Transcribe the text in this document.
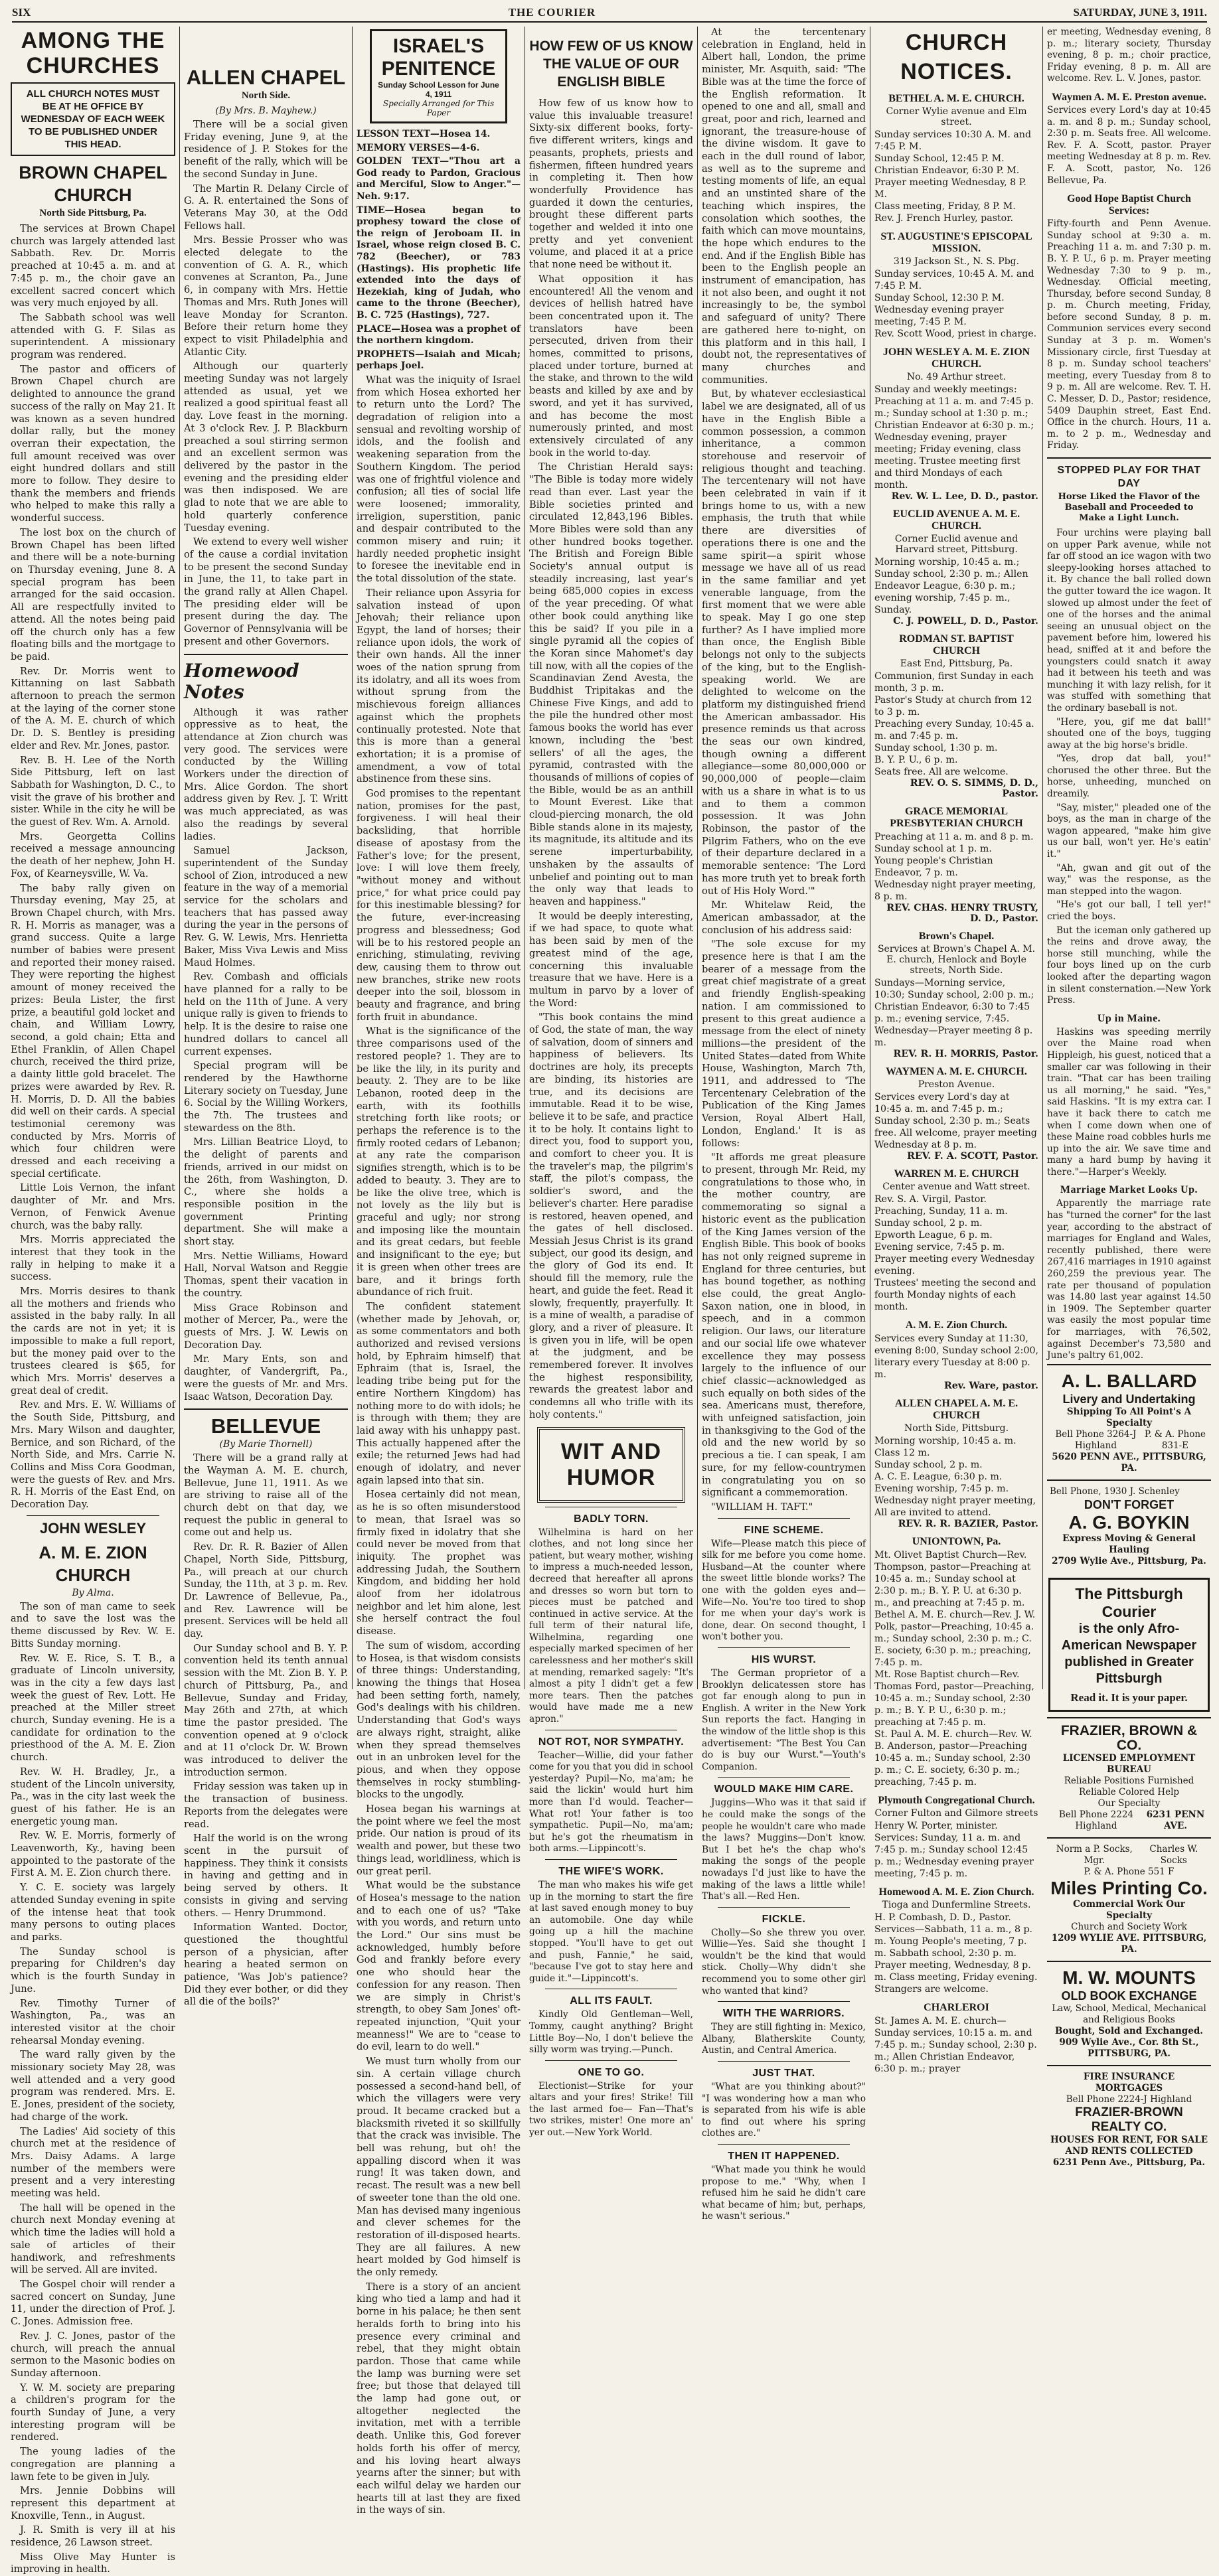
SIX	THE COURIER	SATURDAY, JUNE 3, 1911.
AMONG THE CHURCHES
ALL CHURCH NOTES MUST BE AT HE OFFICE BY WEDNESDAY OF EACH WEEK TO BE PUBLISHED UNDER THIS HEAD.
BROWN CHAPEL CHURCH
North Side Pittsburg, Pa.

The services at Brown Chapel church was largely attended last Sabbath. Rev. Dr. Morris preached at 10:45 a. m. and at 7:45 p. m., the choir gave an excellent sacred concert which was very much enjoyed by all.

The Sabbath school was well attended with G. F. Silas as superintendent. A missionary program was rendered.

The pastor and officers of Brown Chapel church are delighted to announce the grand success of the rally on May 21. It was known as a seven hundred dollar rally, but the money overran their expectation, the full amount received was over eight hundred dollars and still more to follow. They desire to thank the members and friends who helped to make this rally a wonderful success.

The lost box on the church of Brown Chapel has been lifted and there will be a note-burning on Thursday evening, June 8. A special program has been arranged for the said occasion. All are respectfully invited to attend. All the notes being paid off the church only has a few floating bills and the mortgage to be paid.

Rev. Dr. Morris went to Kittanning on last Sabbath afternoon to preach the sermon at the laying of the corner stone of the A. M. E. church of which Dr. D. S. Bentley is presiding elder and Rev. Mr. Jones, pastor.

Rev. B. H. Lee of the North Side Pittsburg, left on last Sabbath for Washington, D. C., to visit the grave of his brother and sister. While in the city he will be the guest of Rev. Wm. A. Arnold.

Mrs. Georgetta Collins received a message announcing the death of her nephew, John H. Fox, of Kearneysville, W. Va.

The baby rally given on Thursday evening, May 25, at Brown Chapel church, with Mrs. R. H. Morris as manager, was a grand success. Quite a large number of babies were present and reported their money raised. They were reporting the highest amount of money received the prizes: Beula Lister, the first prize, a beautiful gold locket and chain, and William Lowry, second, a gold chain; Etta and Ethel Franklin, of Allen Chapel church, received the third prize, a dainty little gold bracelet. The prizes were awarded by Rev. R. H. Morris, D. D. All the babies did well on their cards. A special testimonial ceremony was conducted by Mrs. Morris of which four children were dressed and each receiving a special certificate.

Little Lois Vernon, the infant daughter of Mr. and Mrs. Vernon, of Fenwick Avenue church, was the baby rally.

Mrs. Morris appreciated the interest that they took in the rally in helping to make it a success.

Mrs. Morris desires to thank all the mothers and friends who assisted in the baby rally. In all the cards are not in yet; it is impossible to make a full report, but the money paid over to the trustees cleared is $65, for which Mrs. Morris' deserves a great deal of credit.

Rev. and Mrs. E. W. Williams of the South Side, Pittsburg, and Mrs. Mary Wilson and daughter, Bernice, and son Richard, of the North Side, and Mrs. Carrie N. Collins and Miss Cora Goodman, were the guests of Rev. and Mrs. R. H. Morris of the East End, on Decoration Day.

JOHN WESLEY
A. M. E. ZION CHURCH
By Alma.

The son of man came to seek and to save the lost was the theme discussed by Rev. W. E. Bitts Sunday morning.

Rev. W. E. Rice, S. T. B., a graduate of Lincoln university, was in the city a few days last week the guest of Rev. Lott. He preached at the Miller street church, Sunday evening. He is a candidate for ordination to the priesthood of the A. M. E. Zion church.

Rev. W. H. Bradley, Jr., a student of the Lincoln university, Pa., was in the city last week the guest of his father. He is an energetic young man.

Rev. W. E. Morris, formerly of Leavenworth, Ky., having been appointed to the pastorate of the First A. M. E. Zion church there.

Y. C. E. society was largely attended Sunday evening in spite of the intense heat that took many persons to outing places and parks.

The Sunday school is preparing for Children's day which is the fourth Sunday in June.

Rev. Timothy Turner of Washington, Pa., was an interested visitor at the choir rehearsal Monday evening.

The ward rally given by the missionary society May 28, was well attended and a very good program was rendered. Mrs. E. E. Jones, president of the society, had charge of the work.

The Ladies' Aid society of this church met at the residence of Mrs. Daisy Adams. A large number of the members were present and a very interesting meeting was held.

The hall will be opened in the church next Monday evening at which time the ladies will hold a sale of articles of their handiwork, and refreshments will be served. All are invited.

The Gospel choir will render a sacred concert on Sunday, June 11, under the direction of Prof. J. C. Jones. Admission free.

Rev. J. C. Jones, pastor of the church, will preach the annual sermon to the Masonic bodies on Sunday afternoon.

Y. W. M. society are preparing a children's program for the fourth Sunday of June, a very interesting program will be rendered.

The young ladies of the congregation are planning a lawn fete to be given in July.

Mrs. Jennie Dobbins will represent this department at Knoxville, Tenn., in August.

J. R. Smith is very ill at his residence, 26 Lawson street.

Miss Olive May Hunter is improving in health.

ALLEN CHAPEL
North Side.
(By Mrs. B. Mayhew.)

There will be a social given Friday evening, June 9, at the residence of J. P. Stokes for the benefit of the rally, which will be the second Sunday in June.

The Martin R. Delany Circle of G. A. R. entertained the Sons of Veterans May 30, at the Odd Fellows hall.

Mrs. Bessie Prosser who was elected delegate to the convention of G. A. R., which convenes at Scranton, Pa., June 6, in company with Mrs. Hettie Thomas and Mrs. Ruth Jones will leave Monday for Scranton. Before their return home they expect to visit Philadelphia and Atlantic City.

Although our quarterly meeting Sunday was not largely attended as usual, yet we realized a good spiritual feast all day. Love feast in the morning. At 3 o'clock Rev. J. P. Blackburn preached a soul stirring sermon and an excellent sermon was delivered by the pastor in the evening and the presiding elder was then indisposed. We are glad to note that we are able to hold quarterly conference Tuesday evening.

We extend to every well wisher of the cause a cordial invitation to be present the second Sunday in June, the 11, to take part in the grand rally at Allen Chapel. The presiding elder will be present during the day. The Governor of Pennsylvania will be present and other Governors.

Homewood Notes

Although it was rather oppressive as to heat, the attendance at Zion church was very good. The services were conducted by the Willing Workers under the direction of Mrs. Alice Gordon. The short address given by Rev. J. T. Writt was much appreciated, as was also the readings by several ladies.

Samuel Jackson, superintendent of the Sunday school of Zion, introduced a new feature in the way of a memorial service for the scholars and teachers that has passed away during the year in the persons of Rev. G. W. Lewis, Mrs. Henrietta Baker, Miss Viva Lewis and Miss Maud Holmes.

Rev. Combash and officials have planned for a rally to be held on the 11th of June. A very unique rally is given to friends to help. It is the desire to raise one hundred dollars to cancel all current expenses.

Special program will be rendered by the Hawthorne Literary society on Tuesday, June 6. Social by the Willing Workers, the 7th. The trustees and stewardess on the 8th.

Mrs. Lillian Beatrice Lloyd, to the delight of parents and friends, arrived in our midst on the 26th, from Washington, D. C., where she holds a responsible position in the government Printing department. She will make a short stay.

Mrs. Nettie Williams, Howard Hall, Norval Watson and Reggie Thomas, spent their vacation in the country.

Miss Grace Robinson and mother of Mercer, Pa., were the guests of Mrs. J. W. Lewis on Decoration Day.

Mr. Mary Ents, son and daughter, of Vandergrift, Pa., were the guests of Mr. and Mrs. Isaac Watson, Decoration Day.

BELLEVUE
(By Marie Thornell)

There will be a grand rally at the Wayman A. M. E. church, Bellevue, June 11, 1911. As we are striving to raise all of the church debt on that day, we request the public in general to come out and help us.

Rev. Dr. R. R. Bazier of Allen Chapel, North Side, Pittsburg, Pa., will preach at our church Sunday, the 11th, at 3 p. m. Rev. Dr. Lawrence of Bellevue, Pa., and Rev. Lawrence will be present. Services will be held all day.

Our Sunday school and B. Y. P. convention held its tenth annual session with the Mt. Zion B. Y. P. church of Pittsburg, Pa., and Bellevue, Sunday and Friday, May 26th and 27th, at which time the pastor presided. The convention opened at 9 o'clock and at 11 o'clock Dr. W. Brown was introduced to deliver the introduction sermon.

Friday session was taken up in the transaction of business. Reports from the delegates were read.

Half the world is on the wrong scent in the pursuit of happiness. They think it consists in having and getting and in being served by others. It consists in giving and serving others. — Henry Drummond.

Information Wanted. Doctor, questioned the thoughtful person of a physician, after hearing a heated sermon on patience, 'Was Job's patience? Did they ever bother, or did they all die of the boils?'

ISRAEL'S
PENITENCE
Sunday School Lesson for June 4, 1911
Specially Arranged for This Paper

LESSON TEXT—Hosea 14.

MEMORY VERSES—4-6.

GOLDEN TEXT—"Thou art a God ready to Pardon, Gracious and Merciful, Slow to Anger."—Neh. 9:17.

TIME—Hosea began to prophesy toward the close of the reign of Jeroboam II. in Israel, whose reign closed B. C. 782 (Beecher), or 783 (Hastings). His prophetic life extended into the days of Hezekiah, king of Judah, who came to the throne (Beecher), B. C. 725 (Hastings), 727.

PLACE—Hosea was a prophet of the northern kingdom.

PROPHETS—Isaiah and Micah; perhaps Joel.

What was the iniquity of Israel from which Hosea exhorted her to return unto the Lord? The degradation of religion into a sensual and revolting worship of idols, and the foolish and weakening separation from the Southern Kingdom. The period was one of frightful violence and confusion; all ties of social life were loosened; immorality, irreligion, superstition, panic and despair contributed to the common misery and ruin; it hardly needed prophetic insight to foresee the inevitable end in the total dissolution of the state.

Their reliance upon Assyria for salvation instead of upon Jehovah; their reliance upon Egypt, the land of horses; their reliance upon idols, the work of their own hands. All the inner woes of the nation sprung from its idolatry, and all its woes from without sprung from the mischievous foreign alliances against which the prophets continually protested. Note that this is more than a general exhortation; it is a promise of amendment, a vow of total abstinence from these sins.

God promises to the repentant nation, promises for the past, forgiveness. I will heal their backsliding, that horrible disease of apostasy from the Father's love; for the present, love: I will love them freely, "without money and without price," for what price could pay for this inestimable blessing? for the future, ever-increasing progress and blessedness; God will be to his restored people an enriching, stimulating, reviving dew, causing them to throw out new branches, strike new roots deeper into the soil, blossom in beauty and fragrance, and bring forth fruit in abundance.

What is the significance of the three comparisons used of the restored people? 1. They are to be like the lily, in its purity and beauty. 2. They are to be like Lebanon, rooted deep in the earth, with its foothills stretching forth like roots; or perhaps the reference is to the firmly rooted cedars of Lebanon; at any rate the comparison signifies strength, which is to be added to beauty. 3. They are to be like the olive tree, which is not lovely as the lily but is graceful and ugly; nor strong and imposing like the mountain and its great cedars, but feeble and insignificant to the eye; but it is green when other trees are bare, and it brings forth abundance of rich fruit.

The confident statement (whether made by Jehovah, or, as some commentators and both authorized and revised versions hold, by Ephraim himself) that Ephraim (that is, Israel, the leading tribe being put for the entire Northern Kingdom) has nothing more to do with idols; he is through with them; they are laid away with his unhappy past. This actually happened after the exile; the returned Jews had had enough of idolatry, and never again lapsed into that sin.

Hosea certainly did not mean, as he is so often misunderstood to mean, that Israel was so firmly fixed in idolatry that she could never be moved from that iniquity. The prophet was addressing Judah, the Southern Kingdom, and bidding her hold aloof from her idolatrous neighbor and let him alone, lest she herself contract the foul disease.

The sum of wisdom, according to Hosea, is that wisdom consists of three things: Understanding, knowing the things that Hosea had been setting forth, namely, God's dealings with his children. Understanding that God's ways are always right, straight, alike when they spread themselves out in an unbroken level for the pious, and when they oppose themselves in rocky stumbling-blocks to the ungodly.

Hosea began his warnings at the point where we feel the most pride. Our nation is proud of its wealth and power, but these two things lead, worldliness, which is our great peril.

What would be the substance of Hosea's message to the nation and to each one of us? "Take with you words, and return unto the Lord." Our sins must be acknowledged, humbly before God and frankly before every one who should hear the confession for any reason. Then we are simply in Christ's strength, to obey Sam Jones' oft-repeated injunction, "Quit your meanness!" We are to "cease to do evil, learn to do well."

We must turn wholly from our sin. A certain village church possessed a second-hand bell, of which the villagers were very proud. It became cracked but a blacksmith riveted it so skillfully that the crack was invisible. The bell was rehung, but oh! the appalling discord when it was rung! It was taken down, and recast. The result was a new bell of sweeter tone than the old one. Man has devised many ingenious and clever schemes for the restoration of ill-disposed hearts. They are all failures. A new heart molded by God himself is the only remedy.

There is a story of an ancient king who tied a lamp and had it borne in his palace; he then sent heralds forth to bring into his presence every criminal and rebel, that they might obtain pardon. Those that came while the lamp was burning were set free; but those that delayed till the lamp had gone out, or altogether neglected the invitation, met with a terrible death. Unlike this, God forever holds forth his offer of mercy, and his loving heart always yearns after the sinner; but with each wilful delay we harden our hearts till at last they are fixed in the ways of sin.

HOW FEW OF US KNOW THE VALUE OF OUR ENGLISH BIBLE

How few of us know how to value this invaluable treasure! Sixty-six different books, forty-five different writers, kings and peasants, prophets, priests and fishermen, fifteen hundred years in completing it. Then how wonderfully Providence has guarded it down the centuries, brought these different parts together and welded it into one pretty and yet convenient volume, and placed it at a price that none need be without it.

What opposition it has encountered! All the venom and devices of hellish hatred have been concentrated upon it. The translators have been persecuted, driven from their homes, committed to prisons, placed under torture, burned at the stake, and thrown to the wild beasts and killed by axe and by sword, and yet it has survived, and has become the most numerously printed, and most extensively circulated of any book in the world to-day.

The Christian Herald says: "The Bible is today more widely read than ever. Last year the Bible societies printed and circulated 12,843,196 Bibles. More Bibles were sold than any other hundred books together. The British and Foreign Bible Society's annual output is steadily increasing, last year's being 685,000 copies in excess of the year preceding. Of what other book could anything like this be said? If you pile in a single pyramid all the copies of the Koran since Mahomet's day till now, with all the copies of the Scandinavian Zend Avesta, the Buddhist Tripitakas and the Chinese Five Kings, and add to the pile the hundred other most famous books the world has ever known, including the 'best sellers' of all the ages, the pyramid, contrasted with the thousands of millions of copies of the Bible, would be as an anthill to Mount Everest. Like that cloud-piercing monarch, the old Bible stands alone in its majesty, its magnitude, its altitude and its serene imperturbability, unshaken by the assaults of unbelief and pointing out to man the only way that leads to heaven and happiness."

It would be deeply interesting, if we had space, to quote what has been said by men of the greatest mind of the age, concerning this invaluable treasure that we have. Here is a multum in parvo by a lover of the Word:

"This book contains the mind of God, the state of man, the way of salvation, doom of sinners and happiness of believers. Its doctrines are holy, its precepts are binding, its histories are true, and its decisions are immutable. Read it to be wise, believe it to be safe, and practice it to be holy. It contains light to direct you, food to support you, and comfort to cheer you. It is the traveler's map, the pilgrim's staff, the pilot's compass, the soldier's sword, and the believer's charter. Here paradise is restored, heaven opened, and the gates of hell disclosed. Messiah Jesus Christ is its grand subject, our good its design, and the glory of God its end. It should fill the memory, rule the heart, and guide the feet. Read it slowly, frequently, prayerfully. It is a mine of wealth, a paradise of glory, and a river of pleasure. It is given you in life, will be open at the judgment, and be remembered forever. It involves the highest responsibility, rewards the greatest labor and condemns all who trifle with its holy contents."

WIT AND HUMOR
BADLY TORN.

Wilhelmina is hard on her clothes, and not long since her patient, but weary mother, wishing to impress a much-needed lesson, decreed that hereafter all aprons and dresses so worn but torn to pieces must be patched and continued in active service. At the full term of their natural life, Wilhelmina, regarding one especially marked specimen of her carelessness and her mother's skill at mending, remarked sagely: "It's almost a pity I didn't get a few more tears. Then the patches would have made me a new apron."

NOT ROT, NOR SYMPATHY.

Teacher—Willie, did your father come for you that you did in school yesterday? Pupil—No, ma'am; he said the lickin' would hurt him more than I'd would. Teacher—What rot! Your father is too sympathetic. Pupil—No, ma'am; but he's got the rheumatism in both arms.—Lippincott's.

THE WIFE'S WORK.

The man who makes his wife get up in the morning to start the fire at last saved enough money to buy an automobile. One day while going up a hill the machine stopped. "You'll have to get out and push, Fannie," he said, "because I've got to stay here and guide it."—Lippincott's.

ALL ITS FAULT.

Kindly Old Gentleman—Well, Tommy, caught anything? Bright Little Boy—No, I don't believe the silly worm was trying.—Punch.

ONE TO GO.

Electionist—Strike for your altars and your fires! Strike! Till the last armed foe— Fan—That's two strikes, mister! One more an' yer out.—New York World.

At the tercentenary celebration in England, held in Albert hall, London, the prime minister, Mr. Asquith, said: "The Bible was at the time the force of the English reformation. It opened to one and all, small and great, poor and rich, learned and ignorant, the treasure-house of the divine wisdom. It gave to each in the dull round of labor, as well as to the supreme and testing moments of life, an equal and an unstinted share of the teaching which inspires, the consolation which soothes, the faith which can move mountains, the hope which endures to the end. And if the English Bible has been to the English people an instrument of emancipation, has it not also been, and ought it not increasingly to be, the symbol and safeguard of unity? There are gathered here to-night, on this platform and in this hall, I doubt not, the representatives of many churches and communities.

But, by whatever ecclesiastical label we are designated, all of us have in the English Bible a common possession, a common inheritance, a common storehouse and reservoir of religious thought and teaching. The tercentenary will not have been celebrated in vain if it brings home to us, with a new emphasis, the truth that while there are diversities of operations there is one and the same spirit—a spirit whose message we have all of us read in the same familiar and yet venerable language, from the first moment that we were able to speak. May I go one step further? As I have implied more than once, the English Bible belongs not only to the subjects of the king, but to the English-speaking world. We are delighted to welcome on the platform my distinguished friend the American ambassador. His presence reminds us that across the seas our own kindred, though owning a different allegiance—some 80,000,000 or 90,000,000 of people—claim with us a share in what is to us and to them a common possession. It was John Robinson, the pastor of the Pilgrim Fathers, who on the eve of their departure declared in a memorable sentence: 'The Lord has more truth yet to break forth out of His Holy Word.'"

Mr. Whitelaw Reid, the American ambassador, at the conclusion of his address said:

"The sole excuse for my presence here is that I am the bearer of a message from the great chief magistrate of a great and friendly English-speaking nation. I am commissioned to present to this great audience a message from the elect of ninety millions—the president of the United States—dated from White House, Washington, March 7th, 1911, and addressed to 'The Tercentenary Celebration of the Publication of the King James Version, Royal Albert Hall, London, England.' It is as follows:

"It affords me great pleasure to present, through Mr. Reid, my congratulations to those who, in the mother country, are commemorating so signal a historic event as the publication of the King James version of the English Bible. This book of books has not only reigned supreme in England for three centuries, but has bound together, as nothing else could, the great Anglo-Saxon nation, one in blood, in speech, and in a common religion. Our laws, our literature and our social life owe whatever excellence they may possess largely to the influence of our chief classic—acknowledged as such equally on both sides of the sea. Americans must, therefore, with unfeigned satisfaction, join in thanksgiving to the God of the old and the new world by so precious a tie. I can speak, I am sure, for my fellow-countrymen in congratulating you on so significant a commemoration.

"WILLIAM H. TAFT."

FINE SCHEME.

Wife—Please match this piece of silk for me before you come home. Husband—At the counter where the sweet little blonde works? The one with the golden eyes and— Wife—No. You're too tired to shop for me when your day's work is done, dear. On second thought, I won't bother you.

HIS WURST.

The German proprietor of a Brooklyn delicatessen store has got far enough along to pun in English. A writer in the New York Sun reports the fact. Hanging in the window of the little shop is this advertisement: "The Best You Can do is buy our Wurst."—Youth's Companion.

WOULD MAKE HIM CARE.

Juggins—Who was it that said if he could make the songs of the people he wouldn't care who made the laws? Muggins—Don't know. But I bet he's the chap who's making the songs of the people nowadays I'd just like to have the making of the laws a little while! That's all.—Red Hen.

FICKLE.

Cholly—So she threw you over. Willie—Yes. Said she thought I wouldn't be the kind that would stick. Cholly—Why didn't she recommend you to some other girl who wanted that kind?

WITH THE WARRIORS.

They are still fighting in: Mexico, Albany, Blatherskite County, Austin, and Central America.

JUST THAT.

"What are you thinking about?" "I was wondering how a man who is separated from his wife is able to find out where his spring clothes are."

THEN IT HAPPENED.

"What made you think he would propose to me." "Why, when I refused him he said he didn't care what became of him; but, perhaps, he wasn't serious."

CHURCH NOTICES.
BETHEL A. M. E. CHURCH.
Corner Wylie avenue and Elm street.

Sunday services 10:30 A. M. and 7:45 P. M.

Sunday School, 12:45 P. M.

Christian Endeavor, 6:30 P. M.

Prayer meeting Wednesday, 8 P. M.

Class meeting, Friday, 8 P. M.

Rev. J. French Hurley, pastor.

ST. AUGUSTINE'S EPISCOPAL MISSION.
319 Jackson St., N. S. Pbg.

Sunday services, 10:45 A. M. and 7:45 P. M.

Sunday School, 12:30 P. M.

Wednesday evening prayer meeting, 7:45 P. M.

Rev. Scott Wood, priest in charge.

JOHN WESLEY A. M. E. ZION CHURCH.
No. 49 Arthur street.

Sunday and weekly meetings: Preaching at 11 a. m. and 7:45 p. m.; Sunday school at 1:30 p. m.; Christian Endeavor at 6:30 p. m.; Wednesday evening, prayer meeting; Friday evening, class meeting. Trustee meeting first and third Mondays of each month.

Rev. W. L. Lee, D. D., pastor.

EUCLID AVENUE A. M. E. CHURCH.
Corner Euclid avenue and Harvard street, Pittsburg.

Morning worship, 10:45 a. m.; Sunday school, 2:30 p. m.; Allen Endeavor League, 6:30 p. m.; evening worship, 7:45 p. m., Sunday.

C. J. POWELL, D. D., Pastor.

RODMAN ST. BAPTIST CHURCH
East End, Pittsburg, Pa.

Communion, first Sunday in each month, 3 p. m.

Pastor's Study at church from 12 to 3 p. m.

Preaching every Sunday, 10:45 a. m. and 7:45 p. m.

Sunday school, 1:30 p. m.

B. Y. P. U., 6 p. m.

Seats free. All are welcome.

REV. O. S. SIMMS, D. D., Pastor.

GRACE MEMORIAL PRESBYTERIAN CHURCH

Preaching at 11 a. m. and 8 p. m.

Sunday school at 1 p. m.

Young people's Christian Endeavor, 7 p. m.

Wednesday night prayer meeting, 8 p. m.

REV. CHAS. HENRY TRUSTY, D. D., Pastor.

Brown's Chapel.
Services at Brown's Chapel A. M. E. church, Henlock and Boyle streets, North Side.

Sundays—Morning service, 10:30; Sunday school, 2:00 p. m.; Christian Endeavor, 6:30 to 7:45 p. m.; evening service, 7:45.

Wednesday—Prayer meeting 8 p. m.

REV. R. H. MORRIS, Pastor.

WAYMEN A. M. E. CHURCH.
Preston Avenue.

Services every Lord's day at 10:45 a. m. and 7:45 p. m.; Sunday school, 2:30 p. m.; Seats free. All welcome, prayer meeting Wednesday at 8 p. m.

REV. F. A. SCOTT, Pastor.

WARREN M. E. CHURCH
Center avenue and Watt street.

Rev. S. A. Virgil, Pastor.

Preaching, Sunday, 11 a. m.

Sunday school, 2 p. m.

Epworth League, 6 p. m.

Evening service, 7:45 p. m.

Prayer meeting every Wednesday evening.

Trustees' meeting the second and fourth Monday nights of each month.

A. M. E. Zion Church.

Services every Sunday at 11:30, evening 8:00, Sunday school 2:00, literary every Tuesday at 8:00 p. m.

Rev. Ware, pastor.

ALLEN CHAPEL A. M. E. CHURCH
North Side, Pittsburg.

Morning worship, 10:45 a. m.

Class 12 m.

Sunday school, 2 p. m.

A. C. E. League, 6:30 p. m.

Evening worship, 7:45 p. m.

Wednesday night prayer meeting, All are invited to attend.

REV. R. R. BAZIER, Pastor.

UNIONTOWN, Pa.

Mt. Olivet Baptist Church—Rev. Thompson, pastor—Preaching at 10:45 a. m.; Sunday school at 2:30 p. m.; B. Y. P. U. at 6:30 p. m., and preaching at 7:45 p. m.

Bethel A. M. E. church—Rev. J. W. Polk, pastor—Preaching, 10:45 a. m.; Sunday school, 2:30 p. m.; C. E. society, 6:30 p. m.; preaching, 7:45 p. m.

Mt. Rose Baptist church—Rev. Thomas Ford, pastor—Preaching, 10:45 a. m.; Sunday school, 2:30 p. m.; B. Y. P. U., 6:30 p. m.; preaching at 7:45 p. m.

St. Paul A. M. E. church—Rev. W. B. Anderson, pastor—Preaching 10:45 a. m.; Sunday school, 2:30 p. m.; C. E. society, 6:30 p. m.; preaching, 7:45 p. m.

Plymouth Congregational Church.
Corner Fulton and Gilmore streets

Henry W. Porter, minister.

Services: Sunday, 11 a. m. and 7:45 p. m.; Sunday school 12:45 p. m.; Wednesday evening prayer meeting, 7:45 p. m.

Homewood A. M. E. Zion Church.
Tioga and Dunfermline Streets.

H. P. Combash, D. D., Pastor.

Services—Sabbath, 11 a. m., 8 p. m. Young People's meeting, 7 p. m. Sabbath school, 2:30 p. m. Prayer meeting, Wednesday, 8 p. m. Class meeting, Friday evening. Strangers are welcome.

CHARLEROI

St. James A. M. E. church—Sunday services, 10:15 a. m. and 7:45 p. m.; Sunday school, 2:30 p. m.; Allen Christian Endeavor, 6:30 p. m.; prayer

er meeting, Wednesday evening, 8 p. m.; literary society, Thursday evening, 8 p. m.; choir practice, Friday evening, 8 p. m. All are welcome. Rev. L. V. Jones, pastor.

Waymen A. M. E. Preston avenue.

Services every Lord's day at 10:45 a. m. and 8 p. m.; Sunday school, 2:30 p. m. Seats free. All welcome. Rev. F. A. Scott, pastor. Prayer meeting Wednesday at 8 p. m. Rev. F. A. Scott, pastor, No. 126 Bellevue, Pa.

Good Hope Baptist Church Services:

Fifty-fourth and Penn Avenue. Sunday school at 9:30 a. m. Preaching 11 a. m. and 7:30 p. m. B. Y. P. U., 6 p. m. Prayer meeting Wednesday 7:30 to 9 p. m., Wednesday. Official meeting, Thursday, before second Sunday, 8 p. m. Church meeting, Friday, before second Sunday, 8 p. m. Communion services every second Sunday at 3 p. m. Women's Missionary circle, first Tuesday at 8 p. m. Sunday school teachers' meeting, every Tuesday from 8 to 9 p. m. All are welcome. Rev. T. H. C. Messer, D. D., Pastor; residence, 5409 Dauphin street, East End. Office in the church. Hours, 11 a. m. to 2 p. m., Wednesday and Friday.

STOPPED PLAY FOR THAT DAY
Horse Liked the Flavor of the Baseball and Proceeded to Make a Light Lunch.

Four urchins were playing ball on upper Park avenue, while not far off stood an ice wagon with two sleepy-looking horses attached to it. By chance the ball rolled down the gutter toward the ice wagon. It slowed up almost under the feet of one of the horses and the animal seeing an unusual object on the pavement before him, lowered his head, sniffed at it and before the youngsters could snatch it away had it between his teeth and was munching it with lazy relish, for it was stuffed with something that the ordinary baseball is not.

"Here, you, gif me dat ball!" shouted one of the boys, tugging away at the big horse's bridle.

"Yes, drop dat ball, you!" chorused the other three. But the horse, unheeding, munched on dreamily.

"Say, mister," pleaded one of the boys, as the man in charge of the wagon appeared, "make him give us our ball, won't yer. He's eatin' it."

"Ah, gwan and git out of the way," was the response, as the man stepped into the wagon.

"He's got our ball, I tell yer!" cried the boys.

But the iceman only gathered up the reins and drove away, the horse still munching, while the four boys lined up on the curb looked after the departing wagon in silent consternation.—New York Press.

Up in Maine.

Haskins was speeding merrily over the Maine road when Hippleigh, his guest, noticed that a smaller car was following in their train. "That car has been trailing us all morning," he said. "Yes," said Haskins. "It is my extra car. I have it back there to catch me when I come down when one of these Maine road cobbles hurls me up into the air. We save time and many a hard bump by having it there."—Harper's Weekly.

Marriage Market Looks Up.

Apparently the marriage rate has "turned the corner" for the last year, according to the abstract of marriages for England and Wales, recently published, there were 267,416 marriages in 1910 against 260,259 the previous year. The rate per thousand of population was 14.80 last year against 14.50 in 1909. The September quarter was easily the most popular time for marriages, with 76,502, against December's 73,580 and June's paltry 61,002.

A. L. BALLARD
Livery and Undertaking
Shipping To All Point's A Specialty
Bell Phone 3264-J Highland
P. & A. Phone 831-E
5620 PENN AVE., PITTSBURG, PA.
Bell Phone, 1930 J. Schenley
DON'T FORGET
A. G. BOYKIN
Express Moving & General Hauling
2709 Wylie Ave., Pittsburg, Pa.
The Pittsburgh Courier
is the only Afro-American Newspaper published in Greater Pittsburgh
Read it. It is your paper.
FRAZIER, BROWN & CO.
LICENSED EMPLOYMENT BUREAU
Reliable Positions Furnished
Reliable Colored Help
Our Specialty
Bell Phone 2224 Highland
6231 PENN AVE.
Norm a P. Socks, Mgr.
Charles W. Socks
P. & A. Phone 551 F
Miles Printing Co.
Commercial Work Our Specialty
Church and Society Work
1209 WYLIE AVE. PITTSBURG, PA.
M. W. MOUNTS
OLD BOOK EXCHANGE
Law, School, Medical, Mechanical and Religious Books
Bought, Sold and Exchanged.
909 Wylie Ave., Cor. 8th St., PITTSBURG, PA.
FIRE INSURANCE MORTGAGES
Bell Phone 2224-J Highland
FRAZIER-BROWN REALTY CO.
HOUSES FOR RENT, FOR SALE AND RENTS COLLECTED
6231 Penn Ave., Pittsburg, Pa.
